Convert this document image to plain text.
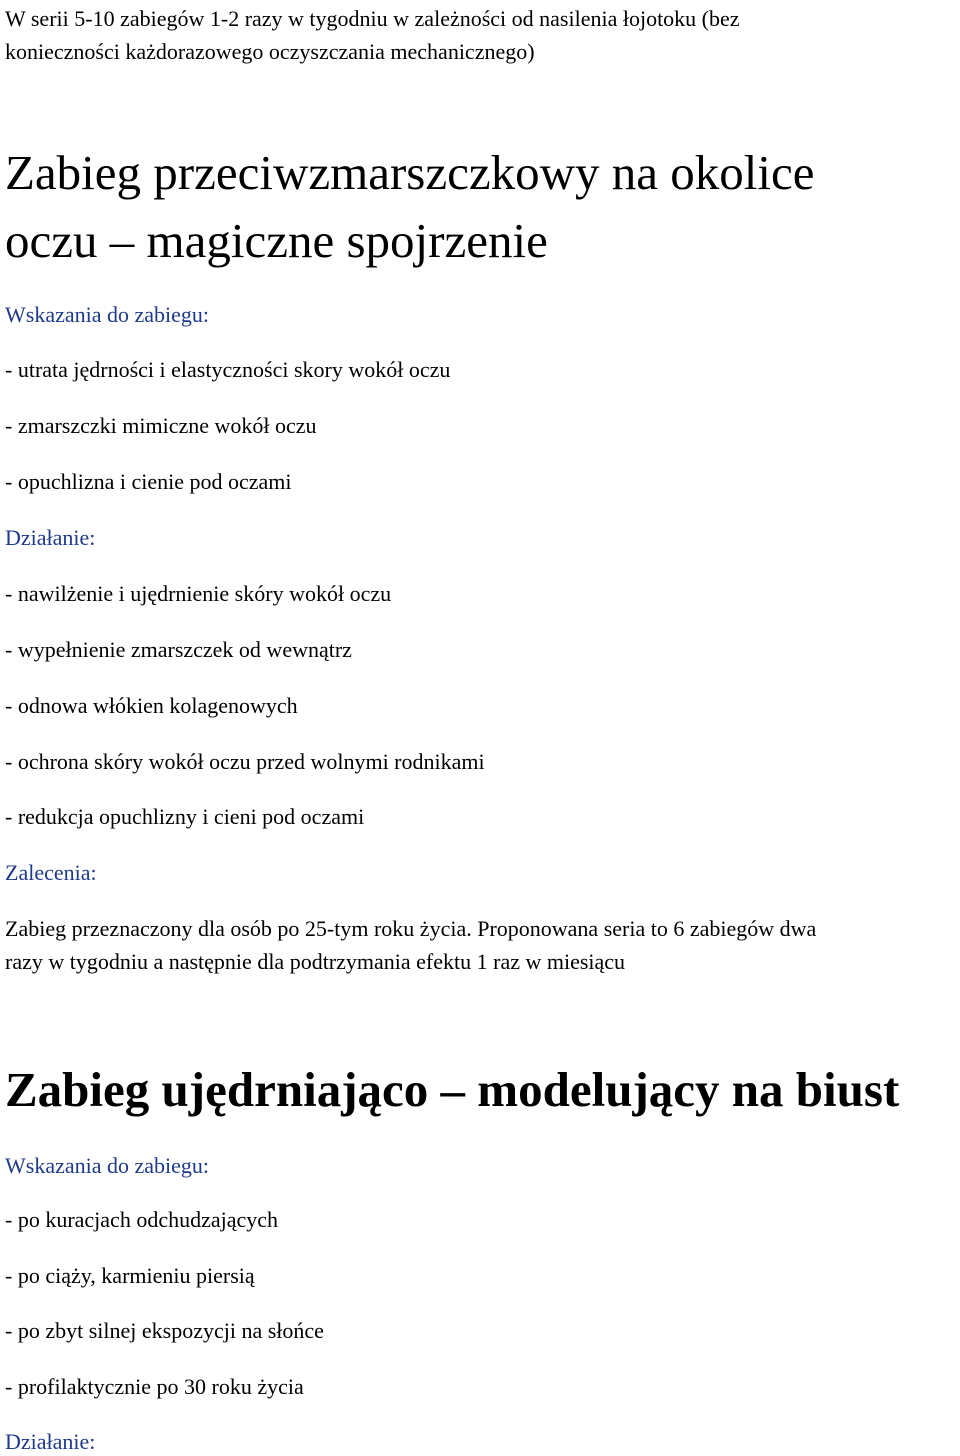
W serii 5-10 zabiegów 1-2 razy w tygodniu w zależności od nasilenia łojotoku (bez
konieczności każdorazowego oczyszczania mechanicznego)

Zabieg przeciwzmarszczkowy na okolice
oczu – magiczne spojrzenie

Wskazania do zabiegu:

- utrata jędrności i elastyczności skory wokół oczu

- zmarszczki mimiczne wokół oczu

- opuchlizna i cienie pod oczami

Działanie:

- nawilżenie i ujędrnienie skóry wokół oczu

- wypełnienie zmarszczek od wewnątrz

- odnowa włókien kolagenowych

- ochrona skóry wokół oczu przed wolnymi rodnikami

- redukcja opuchlizny i cieni pod oczami

Zalecenia:

Zabieg przeznaczony dla osób po 25-tym roku życia. Proponowana seria to 6 zabiegów dwa
razy w tygodniu a następnie dla podtrzymania efektu 1 raz w miesiącu

Zabieg ujędrniająco – modelujący na biust

Wskazania do zabiegu:

- po kuracjach odchudzających

- po ciąży, karmieniu piersią

- po zbyt silnej ekspozycji na słońce

- profilaktycznie po 30 roku życia

Działanie:
